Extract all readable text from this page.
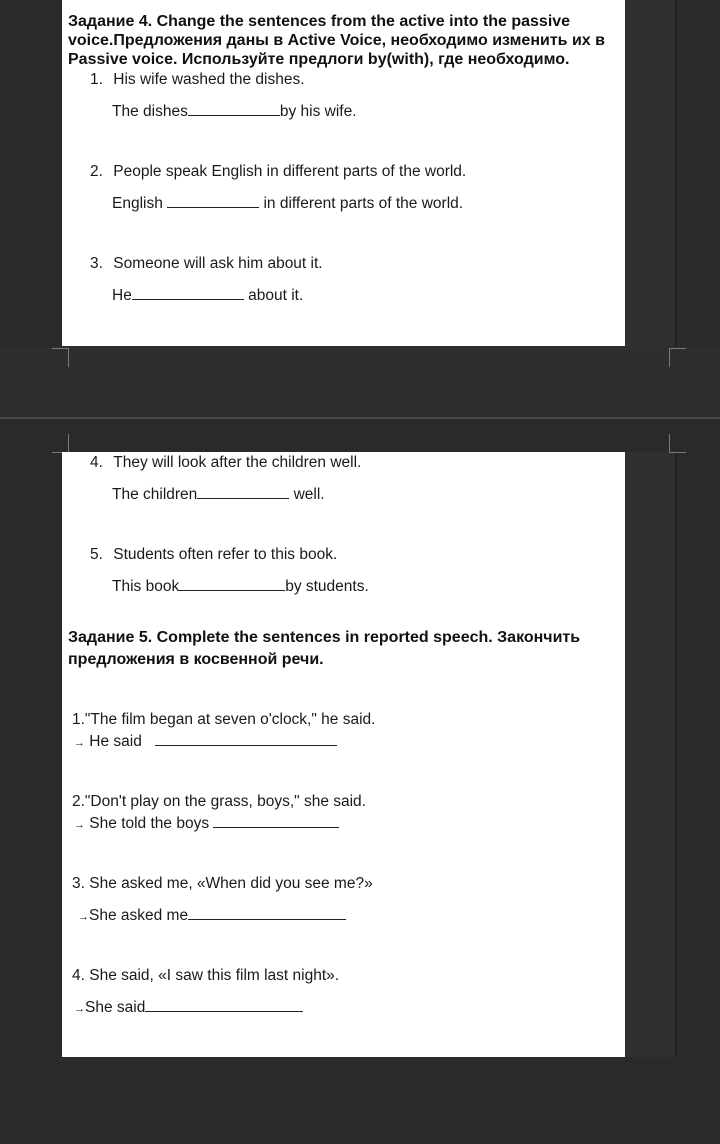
Задание 4. Change the sentences from the active into the passive
voice.Предложения даны в Active Voice, необходимо изменить их в
Passive voice. Используйте предлоги by(with), где необходимо.
1. His wife washed the dishes.
The dishes	by his wife.
2. People speak English in different parts of the world.
English	in different parts of the world.
3. Someone will ask him about it.
He	about it.
4. They will look after the children well.
The children	well.
5. Students often refer to this book.
This book	by students.
Задание 5. Complete the sentences in reported speech. Закончить
предложения в косвенной речи.
1."The film began at seven o'clock," he said.
→ He said
2."Don't play on the grass, boys," she said.
→ She told the boys
3. She asked me, «When did you see me?»
→She asked me
4. She said, «I saw this film last night».
→She said
